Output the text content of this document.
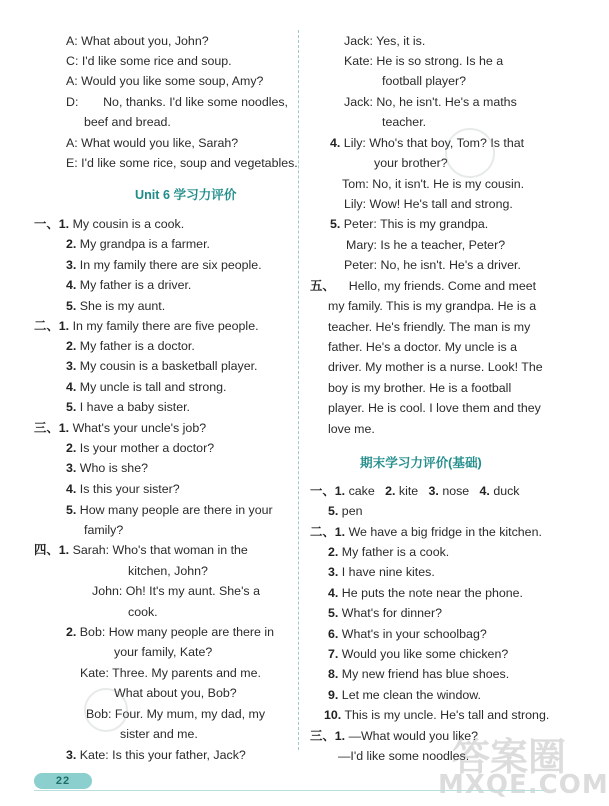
A: What about you, John?
C: I'd like some rice and soup.
A: Would you like some soup, Amy?
D: No, thanks. I'd like some noodles,
beef and bread.
A: What would you like, Sarah?
E: I'd like some rice, soup and vegetables.
Unit 6 学习力评价
一、1. My cousin is a cook.
2. My grandpa is a farmer.
3. In my family there are six people.
4. My father is a driver.
5. She is my aunt.
二、1. In my family there are five people.
2. My father is a doctor.
3. My cousin is a basketball player.
4. My uncle is tall and strong.
5. I have a baby sister.
三、1. What's your uncle's job?
2. Is your mother a doctor?
3. Who is she?
4. Is this your sister?
5. How many people are there in your
family?
四、1. Sarah: Who's that woman in the
kitchen, John?
John: Oh! It's my aunt. She's a
cook.
2. Bob: How many people are there in
your family, Kate?
Kate: Three. My parents and me.
What about you, Bob?
Bob: Four. My mum, my dad, my
sister and me.
3. Kate: Is this your father, Jack?
Jack: Yes, it is.
Kate: He is so strong. Is he a
football player?
Jack: No, he isn't. He's a maths
teacher.
4. Lily: Who's that boy, Tom? Is that
your brother?
Tom: No, it isn't. He is my cousin.
Lily: Wow! He's tall and strong.
5. Peter: This is my grandpa.
Mary: Is he a teacher, Peter?
Peter: No, he isn't. He's a driver.
五、 Hello, my friends. Come and meet
my family. This is my grandpa. He is a
teacher. He's friendly. The man is my
father. He's a doctor. My uncle is a
driver. My mother is a nurse. Look! The
boy is my brother. He is a football
player. He is cool. I love them and they
love me.
期末学习力评价(基础)
一、1. cake 2. kite 3. nose 4. duck
5. pen
二、1. We have a big fridge in the kitchen.
2. My father is a cook.
3. I have nine kites.
4. He puts the note near the phone.
5. What's for dinner?
6. What's in your schoolbag?
7. Would you like some chicken?
8. My new friend has blue shoes.
9. Let me clean the window.
10. This is my uncle. He's tall and strong.
三、1. —What would you like?
—I'd like some noodles.
答案圈
MXQE.COM
22
